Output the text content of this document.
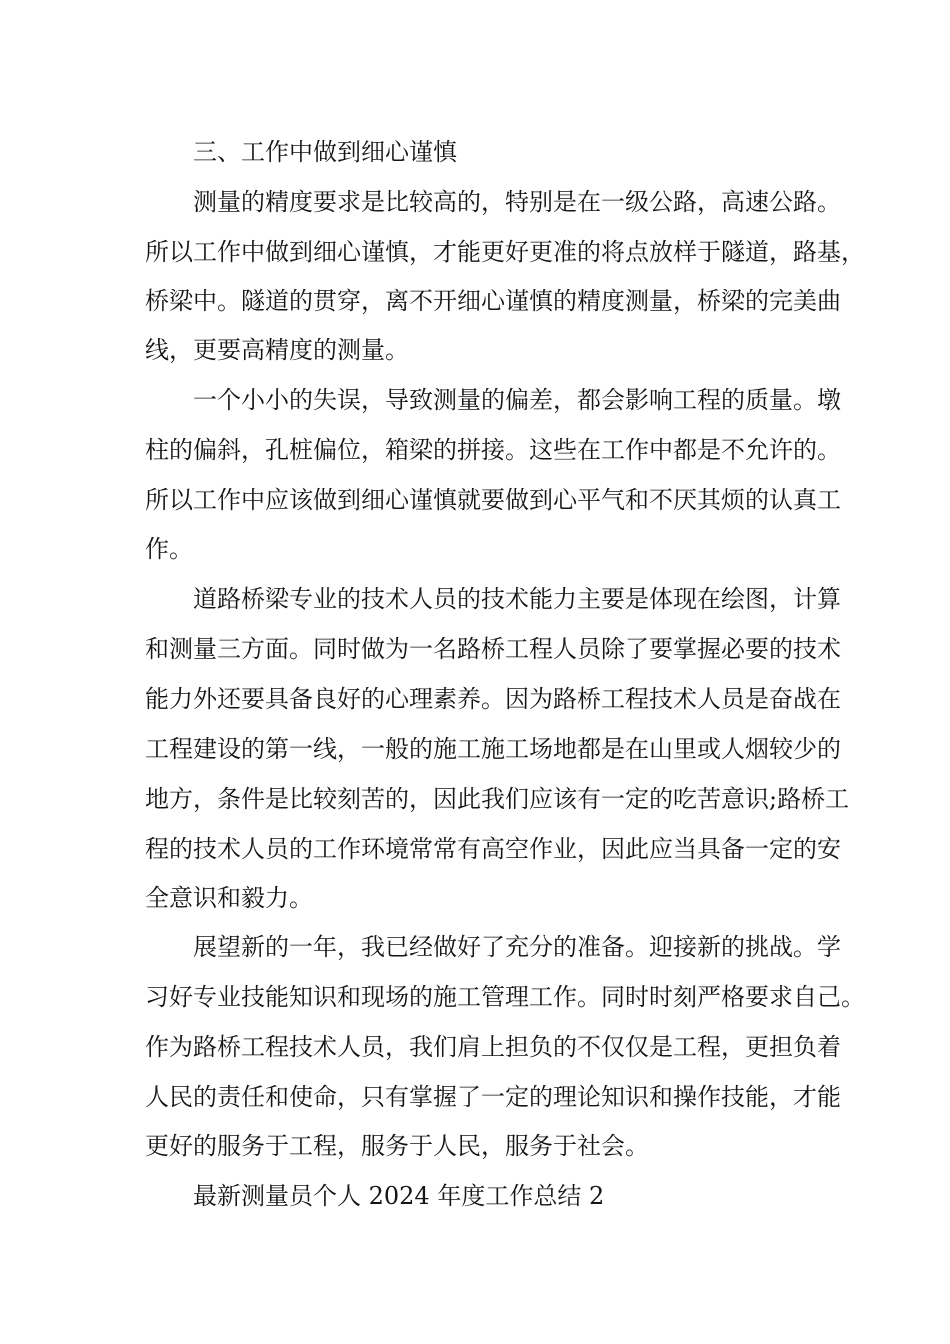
三、工作中做到细心谨慎
测量的精度要求是比较高的，特别是在一级公路，高速公路。
所以工作中做到细心谨慎，才能更好更准的将点放样于隧道，路基，
桥梁中。隧道的贯穿，离不开细心谨慎的精度测量，桥梁的完美曲
线，更要高精度的测量。
一个小小的失误，导致测量的偏差，都会影响工程的质量。墩
柱的偏斜，孔桩偏位，箱梁的拼接。这些在工作中都是不允许的。
所以工作中应该做到细心谨慎就要做到心平气和不厌其烦的认真工
作。
道路桥梁专业的技术人员的技术能力主要是体现在绘图，计算
和测量三方面。同时做为一名路桥工程人员除了要掌握必要的技术
能力外还要具备良好的心理素养。因为路桥工程技术人员是奋战在
工程建设的第一线，一般的施工施工场地都是在山里或人烟较少的
地方，条件是比较刻苦的，因此我们应该有一定的吃苦意识;路桥工
程的技术人员的工作环境常常有高空作业，因此应当具备一定的安
全意识和毅力。
展望新的一年，我已经做好了充分的准备。迎接新的挑战。学
习好专业技能知识和现场的施工管理工作。同时时刻严格要求自己。
作为路桥工程技术人员，我们肩上担负的不仅仅是工程，更担负着
人民的责任和使命，只有掌握了一定的理论知识和操作技能，才能
更好的服务于工程，服务于人民，服务于社会。
最新测量员个人 2024 年度工作总结 2
